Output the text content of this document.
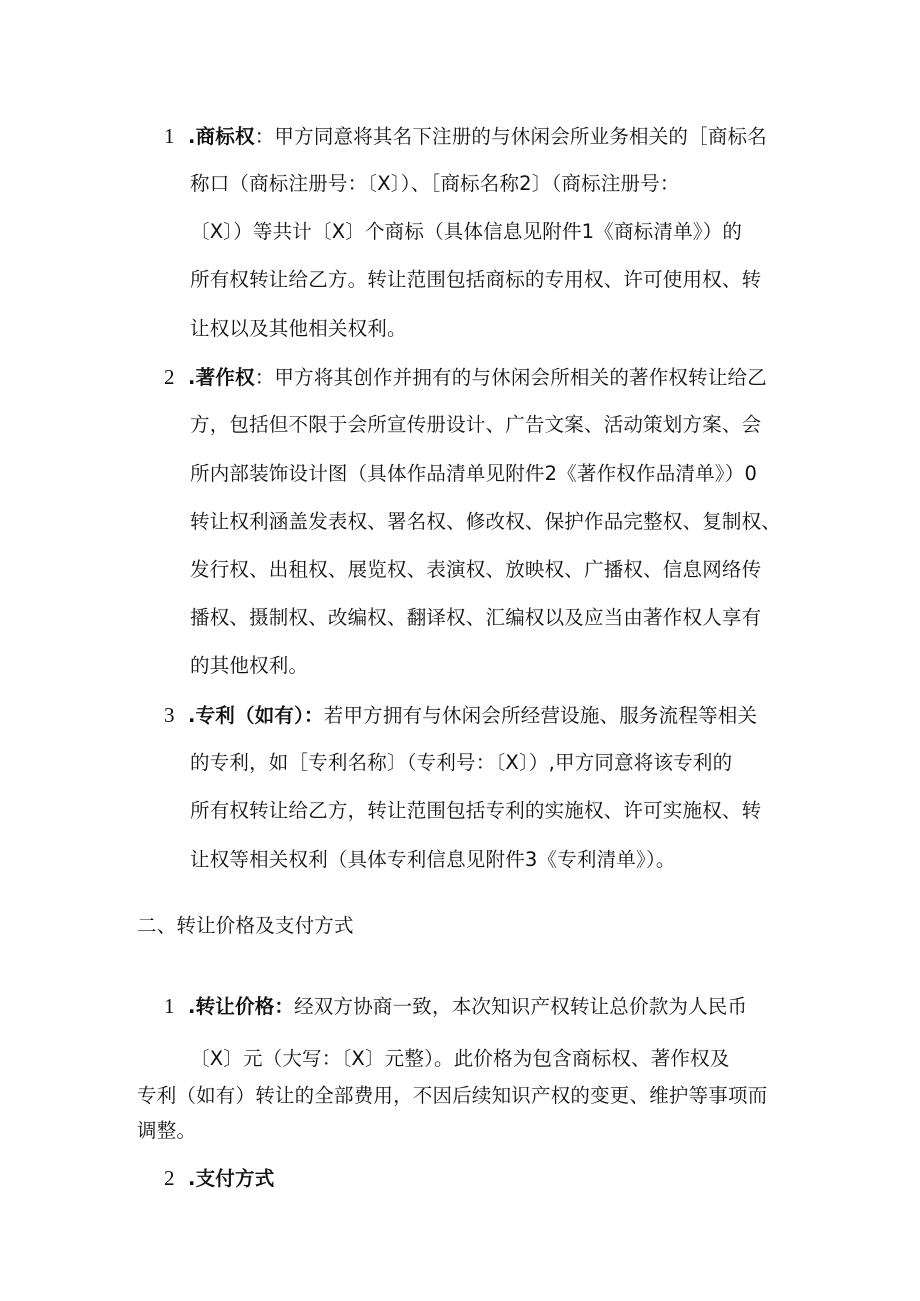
1 .商标权：甲方同意将其名下注册的与休闲会所业务相关的［商标名
称口（商标注册号：〔X〕）、［商标名称2〕（商标注册号：
〔X〕）等共计〔X〕个商标（具体信息见附件1《商标清单》）的
所有权转让给乙方。转让范围包括商标的专用权、许可使用权、转
让权以及其他相关权利。
2 .著作权：甲方将其创作并拥有的与休闲会所相关的著作权转让给乙
方，包括但不限于会所宣传册设计、广告文案、活动策划方案、会
所内部装饰设计图（具体作品清单见附件2《著作权作品清单》）0
转让权利涵盖发表权、署名权、修改权、保护作品完整权、复制权、
发行权、出租权、展览权、表演权、放映权、广播权、信息网络传
播权、摄制权、改编权、翻译权、汇编权以及应当由著作权人享有
的其他权利。
3 .专利（如有）：若甲方拥有与休闲会所经营设施、服务流程等相关
的专利，如［专利名称〕（专利号：〔X〕）,甲方同意将该专利的
所有权转让给乙方，转让范围包括专利的实施权、许可实施权、转
让权等相关权利（具体专利信息见附件3《专利清单》）。
二、转让价格及支付方式
1 .转让价格：经双方协商一致，本次知识产权转让总价款为人民币
〔X〕元（大写：〔X〕元整）。此价格为包含商标权、著作权及
专利（如有）转让的全部费用，不因后续知识产权的变更、维护等事项而
调整。
2 .支付方式
